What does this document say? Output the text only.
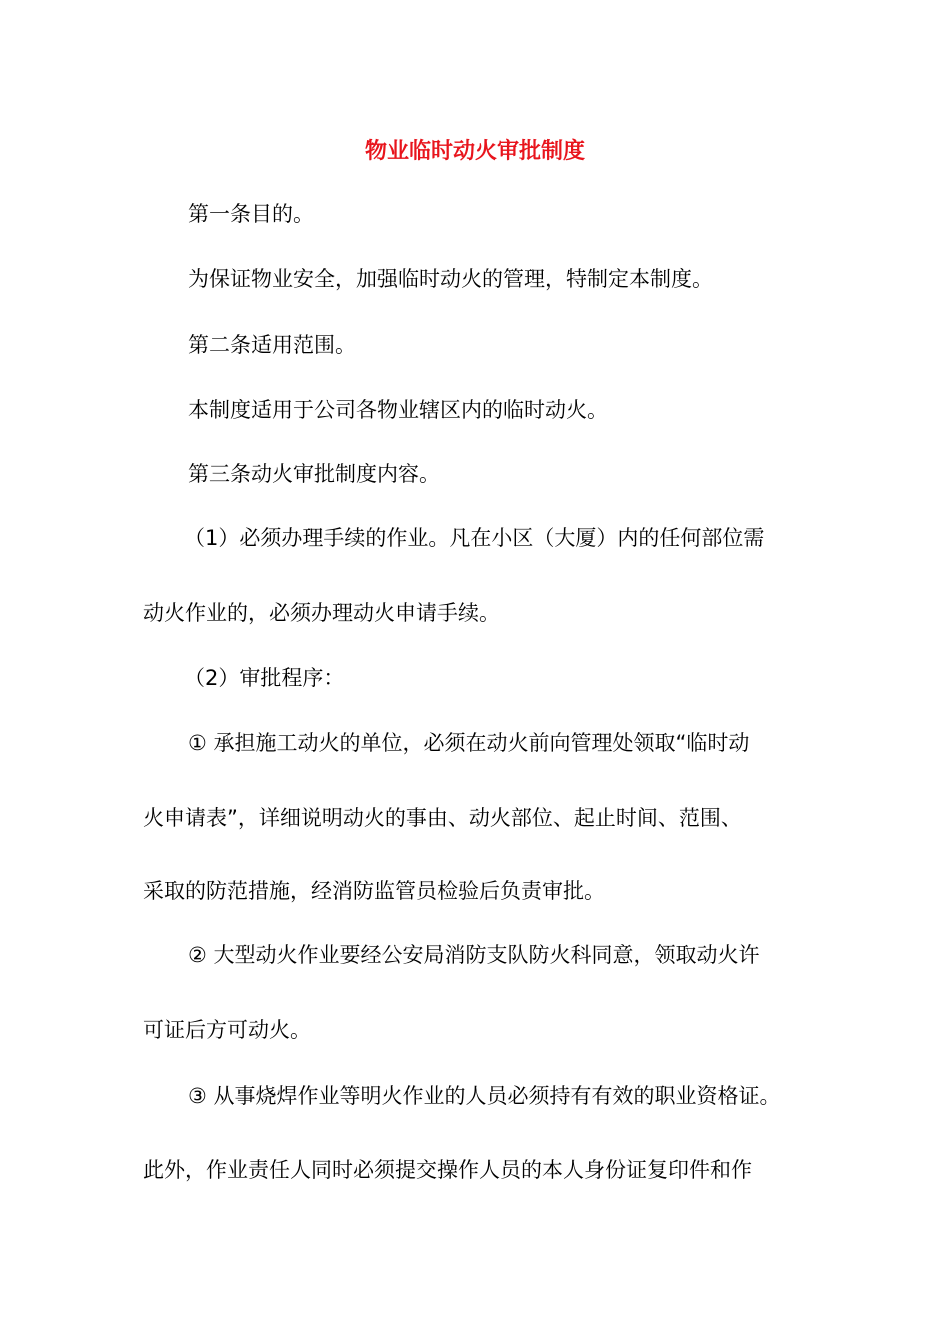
物业临时动火审批制度
第一条目的。
为保证物业安全，加强临时动火的管理，特制定本制度。
第二条适用范围。
本制度适用于公司各物业辖区内的临时动火。
第三条动火审批制度内容。
（1）必须办理手续的作业。凡在小区（大厦）内的任何部位需
动火作业的，必须办理动火申请手续。
（2）审批程序：
① 承担施工动火的单位，必须在动火前向管理处领取“临时动
火申请表”，详细说明动火的事由、动火部位、起止时间、范围、
采取的防范措施，经消防监管员检验后负责审批。
② 大型动火作业要经公安局消防支队防火科同意，领取动火许
可证后方可动火。
③ 从事烧焊作业等明火作业的人员必须持有有效的职业资格证。
此外，作业责任人同时必须提交操作人员的本人身份证复印件和作
